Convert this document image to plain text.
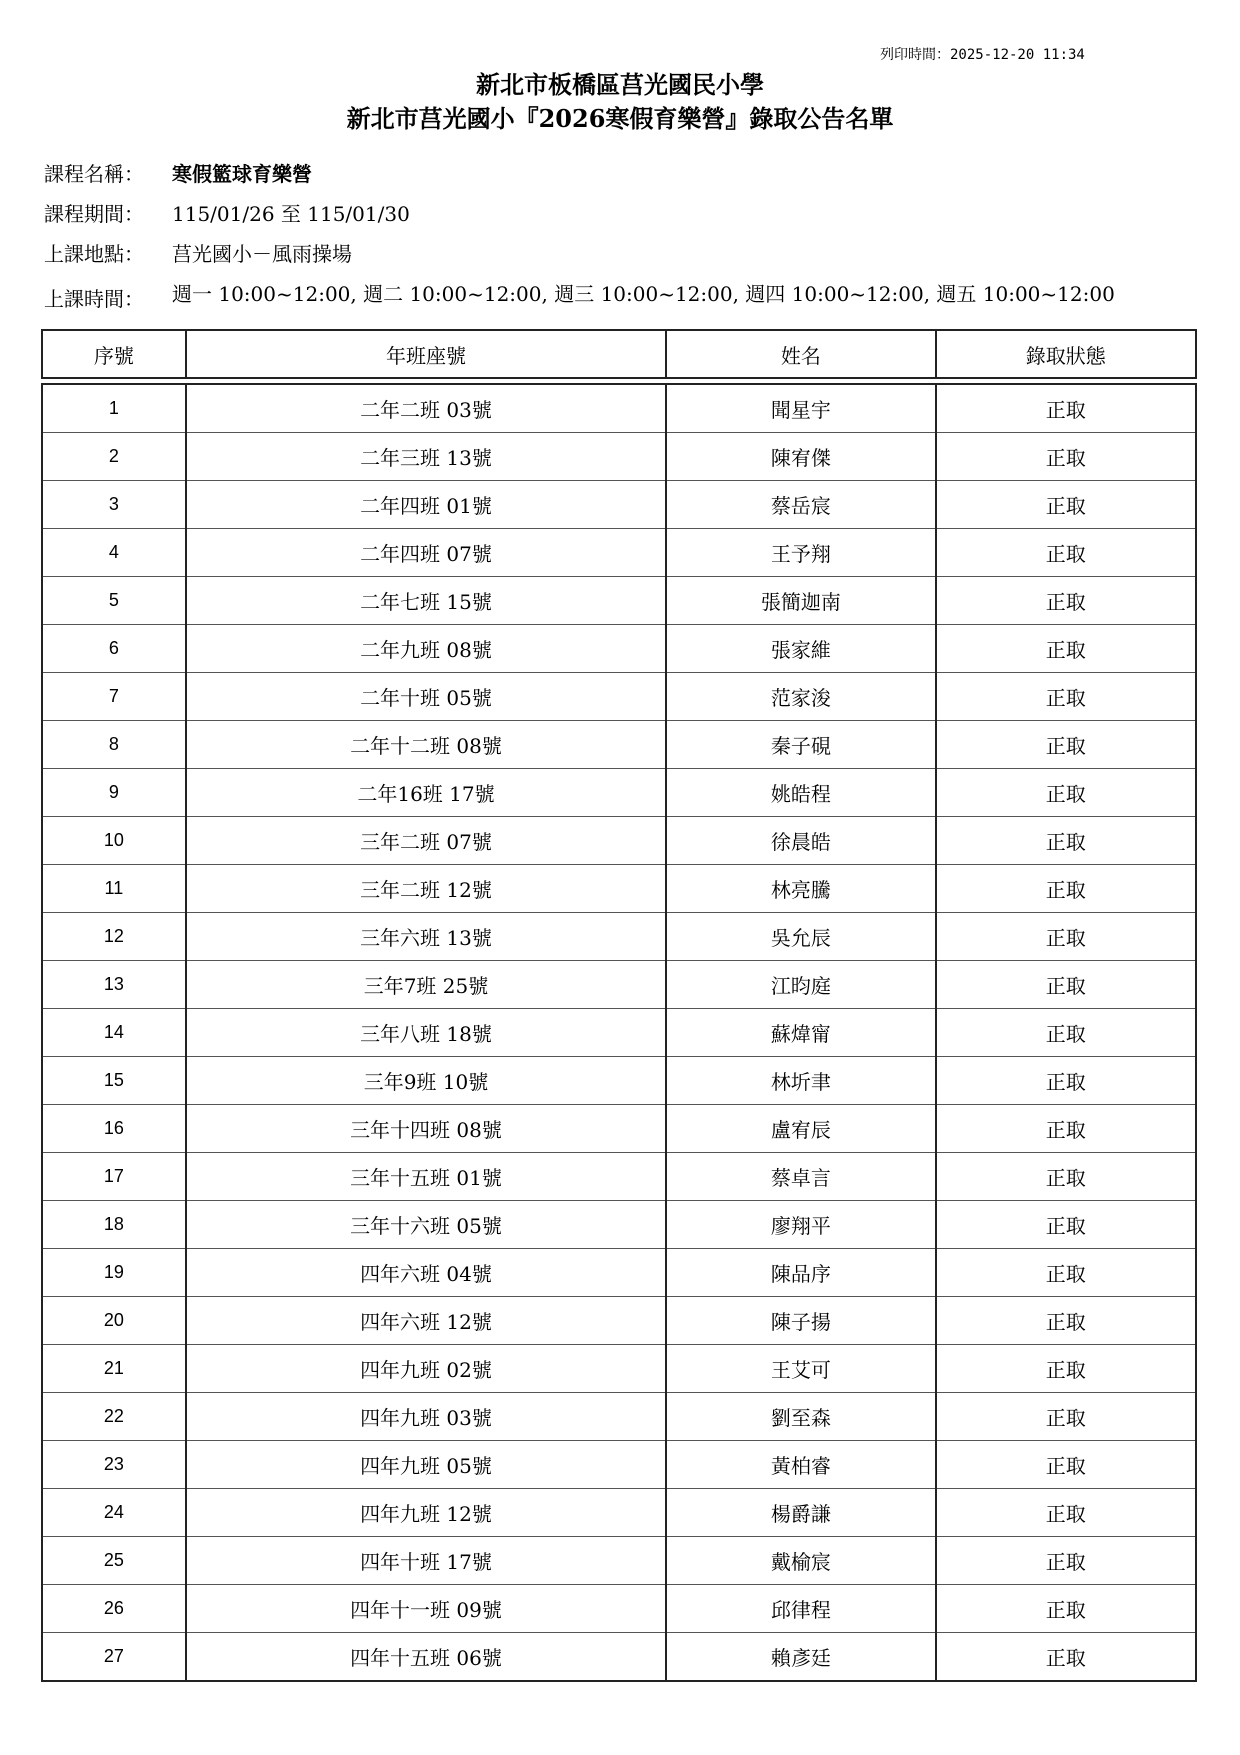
列印時間：2025-12-20 11:34
新北市板橋區莒光國民小學
新北市莒光國小『2026寒假育樂營』錄取公告名單
課程名稱： 寒假籃球育樂營
課程期間： 115/01/26 至 115/01/30
上課地點： 莒光國小－風雨操場
上課時間： 週一 10:00~12:00, 週二 10:00~12:00, 週三 10:00~12:00, 週四 10:00~12:00, 週五 10:00~12:00
序號	年班座號	姓名	錄取狀態
1	二年二班 03號	聞星宇	正取
2	二年三班 13號	陳宥傑	正取
3	二年四班 01號	蔡岳宸	正取
4	二年四班 07號	王予翔	正取
5	二年七班 15號	張簡迦南	正取
6	二年九班 08號	張家維	正取
7	二年十班 05號	范家浚	正取
8	二年十二班 08號	秦子硯	正取
9	二年16班 17號	姚皓程	正取
10	三年二班 07號	徐晨皓	正取
11	三年二班 12號	林亮騰	正取
12	三年六班 13號	吳允辰	正取
13	三年7班 25號	江昀庭	正取
14	三年八班 18號	蘇煒甯	正取
15	三年9班 10號	林圻聿	正取
16	三年十四班 08號	盧宥辰	正取
17	三年十五班 01號	蔡卓言	正取
18	三年十六班 05號	廖翔平	正取
19	四年六班 04號	陳品序	正取
20	四年六班 12號	陳子揚	正取
21	四年九班 02號	王艾可	正取
22	四年九班 03號	劉至森	正取
23	四年九班 05號	黃柏睿	正取
24	四年九班 12號	楊爵謙	正取
25	四年十班 17號	戴榆宸	正取
26	四年十一班 09號	邱律程	正取
27	四年十五班 06號	賴彥廷	正取
